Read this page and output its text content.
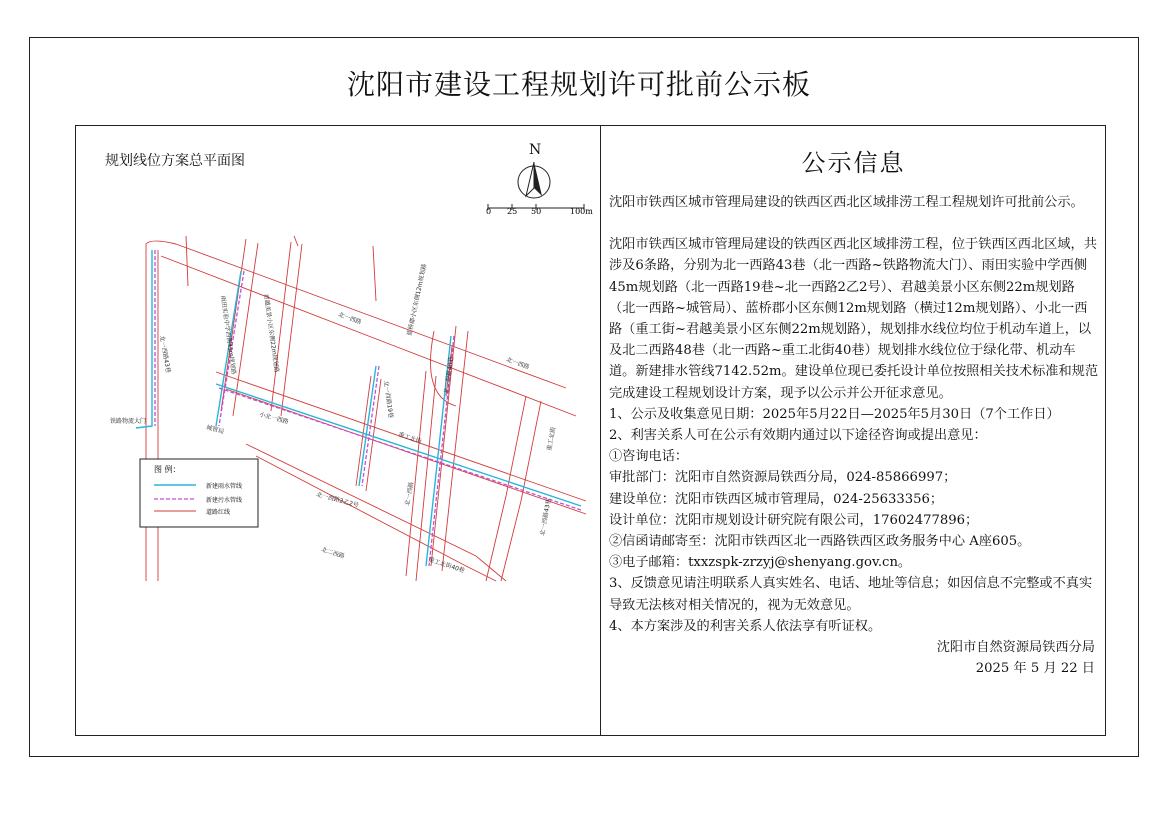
沈阳市建设工程规划许可批前公示板
规划线位方案总平面图
N
0 25 50	100m
北一西路43巷	雨田实验中学西侧45m规划路	君越美景小区东侧22m规划路	北一西路
小北一西路
蓝桥郡小区东侧12m规划路
北一西路19巷
北一西路2乙2号
北一西路
北二西路48巷
铁路物流大门
城管局
重工北街
北一西路
重工北街
北二西路
重工北街40巷
北一西路43巷
图 例：
新建雨水管线
新建污水管线
道路红线
公示信息

沈阳市铁西区城市管理局建设的铁西区西北区域排涝工程工程规划许可批前公示。

沈阳市铁西区城市管理局建设的铁西区西北区域排涝工程，位于铁西区西北区域，共涉及6条路，分别为北一西路43巷（北一西路~铁路物流大门）、雨田实验中学西侧45m规划路（北一西路19巷~北一西路2乙2号）、君越美景小区东侧22m规划路（北一西路~城管局）、蓝桥郡小区东侧12m规划路（横过12m规划路）、小北一西路（重工街~君越美景小区东侧22m规划路），规划排水线位均位于机动车道上，以及北二西路48巷（北一西路~重工北街40巷）规划排水线位位于绿化带、机动车道。新建排水管线7142.52m。建设单位现已委托设计单位按照相关技术标准和规范完成建设工程规划设计方案，现予以公示并公开征求意见。

1、公示及收集意见日期：2025年5月22日—2025年5月30日（7个工作日）

2、利害关系人可在公示有效期内通过以下途径咨询或提出意见：

①咨询电话：

审批部门：沈阳市自然资源局铁西分局，024-85866997；

建设单位：沈阳市铁西区城市管理局，024-25633356；

设计单位：沈阳市规划设计研究院有限公司，17602477896；

②信函请邮寄至：沈阳市铁西区北一西路铁西区政务服务中心 A座605。

③电子邮箱：txxzspk-zrzyj@shenyang.gov.cn。

3、反馈意见请注明联系人真实姓名、电话、地址等信息；如因信息不完整或不真实导致无法核对相关情况的，视为无效意见。

4、本方案涉及的利害关系人依法享有听证权。

沈阳市自然资源局铁西分局

2025 年 5 月 22 日
